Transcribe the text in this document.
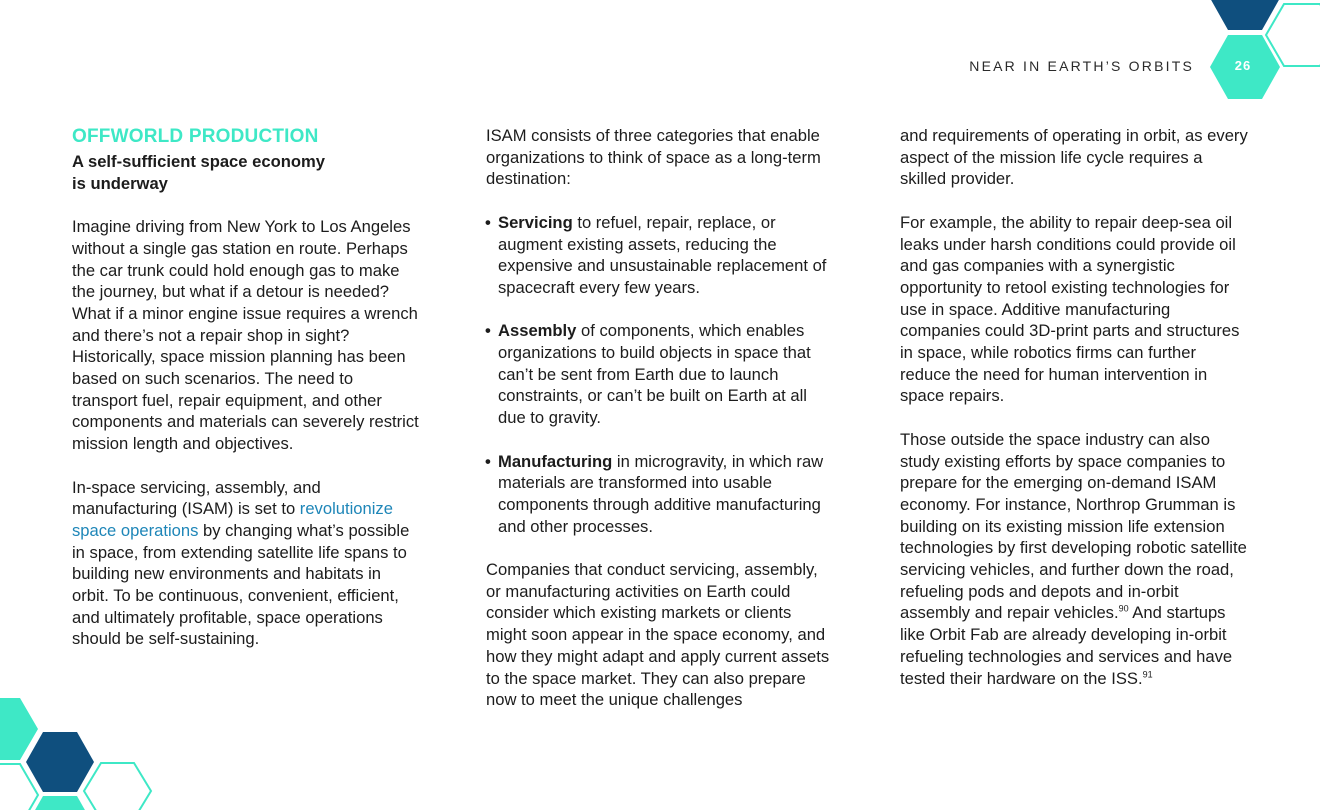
NEAR IN EARTH’S ORBITS	26
OFFWORLD PRODUCTION
A self-sufficient space economy
is underway

Imagine driving from New York to Los Angeles without a single gas station en route. Perhaps the car trunk could hold enough gas to make the journey, but what if a detour is needed? What if a minor engine issue requires a wrench and there’s not a repair shop in sight? Historically, space mission planning has been based on such scenarios. The need to transport fuel, repair equipment, and other components and materials can severely restrict mission length and objectives.

In-space servicing, assembly, and manufacturing (ISAM) is set to revolutionize space operations by changing what’s possible in space, from extending satellite life spans to building new environments and habitats in orbit. To be continuous, convenient, efficient, and ultimately profitable, space operations should be self-sustaining.

ISAM consists of three categories that enable organizations to think of space as a long-term destination:

• Servicing to refuel, repair, replace, or augment existing assets, reducing the expensive and unsustainable replacement of spacecraft every few years.
• Assembly of components, which enables organizations to build objects in space that can’t be sent from Earth due to launch constraints, or can’t be built on Earth at all due to gravity.
• Manufacturing in microgravity, in which raw materials are transformed into usable components through additive manufacturing and other processes.

Companies that conduct servicing, assembly, or manufacturing activities on Earth could consider which existing markets or clients might soon appear in the space economy, and how they might adapt and apply current assets to the space market. They can also prepare now to meet the unique challenges

and requirements of operating in orbit, as every aspect of the mission life cycle requires a skilled provider.

For example, the ability to repair deep-sea oil leaks under harsh conditions could provide oil and gas companies with a synergistic opportunity to retool existing technologies for use in space. Additive manufacturing companies could 3D-print parts and structures in space, while robotics firms can further reduce the need for human intervention in space repairs.

Those outside the space industry can also study existing efforts by space companies to prepare for the emerging on-demand ISAM economy. For instance, Northrop Grumman is building on its existing mission life extension technologies by first developing robotic satellite servicing vehicles, and further down the road, refueling pods and depots and in-orbit assembly and repair vehicles.$^{90}$ And startups like Orbit Fab are already developing in-orbit refueling technologies and services and have tested their hardware on the ISS.$^{91}$
